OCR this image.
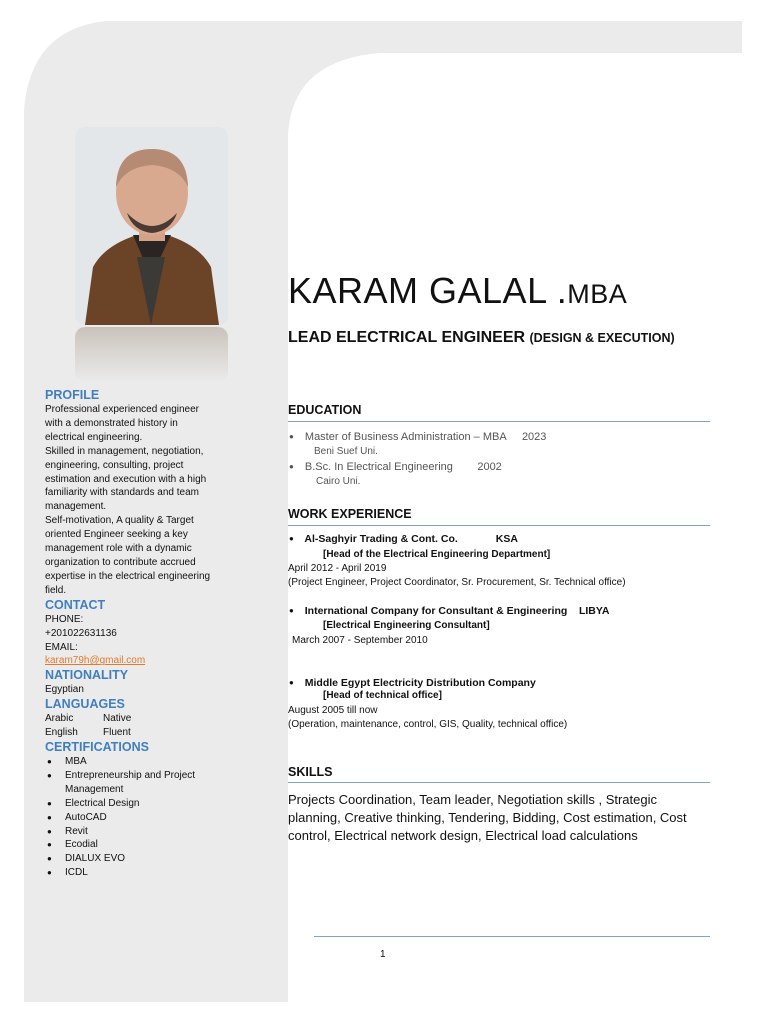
PROFILE

Professional experienced engineer

with a demonstrated history in

electrical engineering.

Skilled in management, negotiation,

engineering, consulting, project

estimation and execution with a high

familiarity with standards and team

management.

Self-motivation, A quality & Target

oriented Engineer seeking a key

management role with a dynamic

organization to contribute accrued

expertise in the electrical engineering

field.

CONTACT

PHONE:

+201022631136

EMAIL:

karam79h@gmail.com

NATIONALITY

Egyptian

LANGUAGES

Arabic	Native
English	Fluent

CERTIFICATIONS

● MBA
● Entrepreneurship and Project
Management
● Electrical Design
● AutoCAD
● Revit
● Ecodial
● DIALUX EVO
● ICDL
KARAM GALAL .MBA

LEAD ELECTRICAL ENGINEER (DESIGN & EXECUTION)

EDUCATION

● Master of Business Administration – MBA 2023
Beni Suef Uni.
● B.Sc. In Electrical Engineering 2002
Cairo Uni.

WORK EXPERIENCE

● Al-Saghyir Trading & Cont. Co.	KSA
[Head of the Electrical Engineering Department]
April 2012 - April 2019
(Project Engineer, Project Coordinator, Sr. Procurement, Sr. Technical office)
● International Company for Consultant & Engineering LIBYA
[Electrical Engineering Consultant]
March 2007 - September 2010
● Middle Egypt Electricity Distribution Company
[Head of technical office]
August 2005 till now
(Operation, maintenance, control, GIS, Quality, technical office)

SKILLS

Projects Coordination, Team leader, Negotiation skills , Strategic planning, Creative thinking, Tendering, Bidding, Cost estimation, Cost control, Electrical network design, Electrical load calculations

1
